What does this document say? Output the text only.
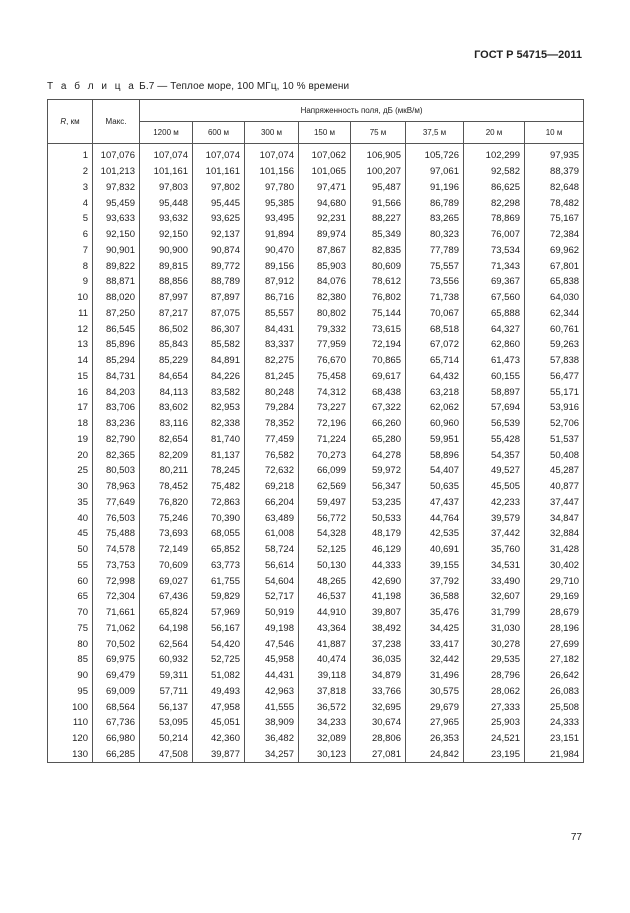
ГОСТ Р 54715—2011
Т а б л и ц а Б.7 — Теплое море, 100 МГц, 10 % времени
R, км	Макс.	Напряженность поля, дБ (мкВ/м)							
		1200 м	600 м	300 м	150 м	75 м	37,5 м	20 м	10 м

1	107,076	107,074	107,074	107,074	107,062	106,905	105,726	102,299	97,935
2	101,213	101,161	101,161	101,156	101,065	100,207	97,061	92,582	88,379
3	97,832	97,803	97,802	97,780	97,471	95,487	91,196	86,625	82,648
4	95,459	95,448	95,445	95,385	94,680	91,566	86,789	82,298	78,482
5	93,633	93,632	93,625	93,495	92,231	88,227	83,265	78,869	75,167
6	92,150	92,150	92,137	91,894	89,974	85,349	80,323	76,007	72,384
7	90,901	90,900	90,874	90,470	87,867	82,835	77,789	73,534	69,962
8	89,822	89,815	89,772	89,156	85,903	80,609	75,557	71,343	67,801
9	88,871	88,856	88,789	87,912	84,076	78,612	73,556	69,367	65,838
10	88,020	87,997	87,897	86,716	82,380	76,802	71,738	67,560	64,030
11	87,250	87,217	87,075	85,557	80,802	75,144	70,067	65,888	62,344
12	86,545	86,502	86,307	84,431	79,332	73,615	68,518	64,327	60,761
13	85,896	85,843	85,582	83,337	77,959	72,194	67,072	62,860	59,263
14	85,294	85,229	84,891	82,275	76,670	70,865	65,714	61,473	57,838
15	84,731	84,654	84,226	81,245	75,458	69,617	64,432	60,155	56,477
16	84,203	84,113	83,582	80,248	74,312	68,438	63,218	58,897	55,171
17	83,706	83,602	82,953	79,284	73,227	67,322	62,062	57,694	53,916
18	83,236	83,116	82,338	78,352	72,196	66,260	60,960	56,539	52,706
19	82,790	82,654	81,740	77,459	71,224	65,280	59,951	55,428	51,537
20	82,365	82,209	81,137	76,582	70,273	64,278	58,896	54,357	50,408
25	80,503	80,211	78,245	72,632	66,099	59,972	54,407	49,527	45,287
30	78,963	78,452	75,482	69,218	62,569	56,347	50,635	45,505	40,877
35	77,649	76,820	72,863	66,204	59,497	53,235	47,437	42,233	37,447
40	76,503	75,246	70,390	63,489	56,772	50,533	44,764	39,579	34,847
45	75,488	73,693	68,055	61,008	54,328	48,179	42,535	37,442	32,884
50	74,578	72,149	65,852	58,724	52,125	46,129	40,691	35,760	31,428
55	73,753	70,609	63,773	56,614	50,130	44,333	39,155	34,531	30,402
60	72,998	69,027	61,755	54,604	48,265	42,690	37,792	33,490	29,710
65	72,304	67,436	59,829	52,717	46,537	41,198	36,588	32,607	29,169
70	71,661	65,824	57,969	50,919	44,910	39,807	35,476	31,799	28,679
75	71,062	64,198	56,167	49,198	43,364	38,492	34,425	31,030	28,196
80	70,502	62,564	54,420	47,546	41,887	37,238	33,417	30,278	27,699
85	69,975	60,932	52,725	45,958	40,474	36,035	32,442	29,535	27,182
90	69,479	59,311	51,082	44,431	39,118	34,879	31,496	28,796	26,642
95	69,009	57,711	49,493	42,963	37,818	33,766	30,575	28,062	26,083
100	68,564	56,137	47,958	41,555	36,572	32,695	29,679	27,333	25,508
110	67,736	53,095	45,051	38,909	34,233	30,674	27,965	25,903	24,333
120	66,980	50,214	42,360	36,482	32,089	28,806	26,353	24,521	23,151
130	66,285	47,508	39,877	34,257	30,123	27,081	24,842	23,195	21,984
77
